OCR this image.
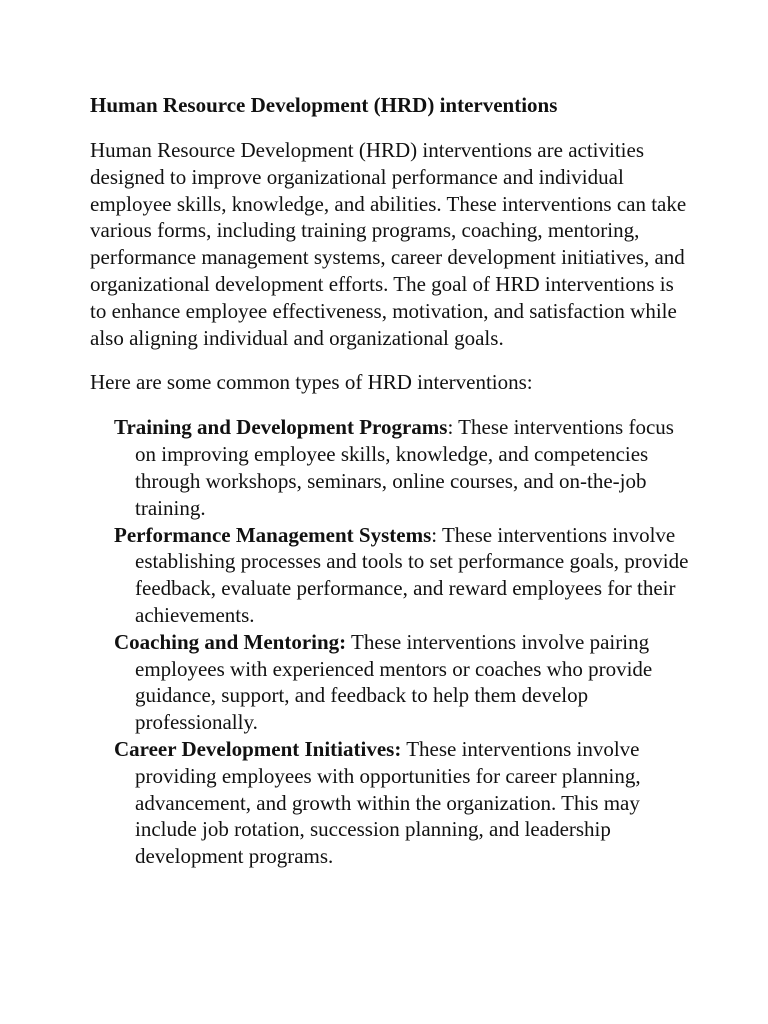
Human Resource Development (HRD) interventions
Human Resource Development (HRD) interventions are activities designed to improve organizational performance and individual employee skills, knowledge, and abilities. These interventions can take various forms, including training programs, coaching, mentoring, performance management systems, career development initiatives, and organizational development efforts. The goal of HRD interventions is to enhance employee effectiveness, motivation, and satisfaction while also aligning individual and organizational goals.
Here are some common types of HRD interventions:
Training and Development Programs: These interventions focus on improving employee skills, knowledge, and competencies through workshops, seminars, online courses, and on-the-job training.
Performance Management Systems: These interventions involve establishing processes and tools to set performance goals, provide feedback, evaluate performance, and reward employees for their achievements.
Coaching and Mentoring: These interventions involve pairing employees with experienced mentors or coaches who provide guidance, support, and feedback to help them develop professionally.
Career Development Initiatives: These interventions involve providing employees with opportunities for career planning, advancement, and growth within the organization. This may include job rotation, succession planning, and leadership development programs.
